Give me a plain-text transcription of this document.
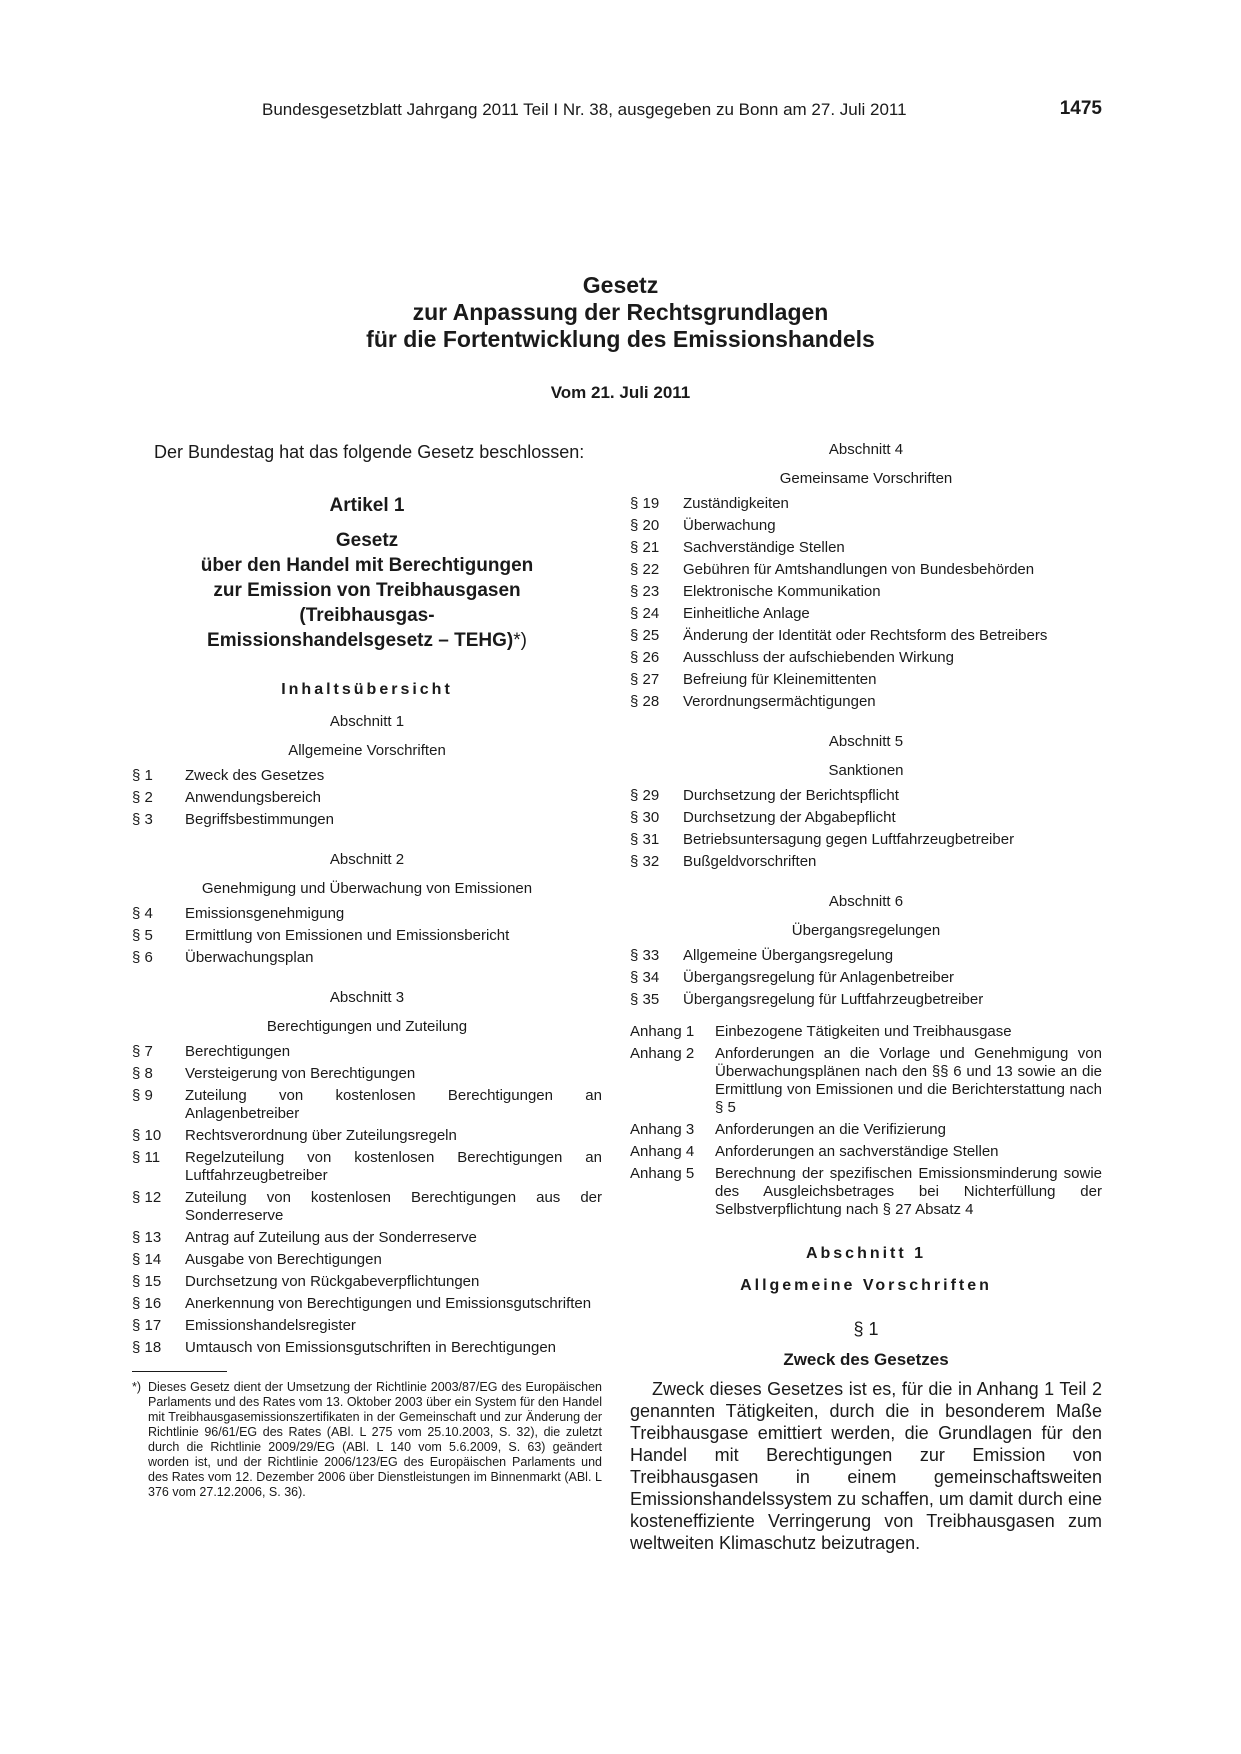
Bundesgesetzblatt Jahrgang 2011 Teil I Nr. 38, ausgegeben zu Bonn am 27. Juli 2011	1475
Gesetz
zur Anpassung der Rechtsgrundlagen
für die Fortentwicklung des Emissionshandels
Vom 21. Juli 2011

Der Bundestag hat das folgende Gesetz beschlossen:

Artikel 1
Gesetz
über den Handel mit Berechtigungen
zur Emission von Treibhausgasen
(Treibhausgas-
Emissionshandelsgesetz – TEHG)*)
Inhaltsübersicht
Abschnitt 1
Allgemeine Vorschriften
§ 1	Zweck des Gesetzes
§ 2	Anwendungsbereich
§ 3	Begriffsbestimmungen
Abschnitt 2
Genehmigung und Überwachung von Emissionen
§ 4	Emissionsgenehmigung
§ 5	Ermittlung von Emissionen und Emissionsbericht
§ 6	Überwachungsplan
Abschnitt 3
Berechtigungen und Zuteilung
§ 7	Berechtigungen
§ 8	Versteigerung von Berechtigungen
§ 9	Zuteilung von kostenlosen Berechtigungen an Anlagenbetreiber
§ 10	Rechtsverordnung über Zuteilungsregeln
§ 11	Regelzuteilung von kostenlosen Berechtigungen an Luftfahrzeugbetreiber
§ 12	Zuteilung von kostenlosen Berechtigungen aus der Sonderreserve
§ 13	Antrag auf Zuteilung aus der Sonderreserve
§ 14	Ausgabe von Berechtigungen
§ 15	Durchsetzung von Rückgabeverpflichtungen
§ 16	Anerkennung von Berechtigungen und Emissionsgutschriften
§ 17	Emissionshandelsregister
§ 18	Umtausch von Emissionsgutschriften in Berechtigungen
*) Dieses Gesetz dient der Umsetzung der Richtlinie 2003/87/EG des Europäischen Parlaments und des Rates vom 13. Oktober 2003 über ein System für den Handel mit Treibhausgasemissionszertifikaten in der Gemeinschaft und zur Änderung der Richtlinie 96/61/EG des Rates (ABl. L 275 vom 25.10.2003, S. 32), die zuletzt durch die Richtlinie 2009/29/EG (ABl. L 140 vom 5.6.2009, S. 63) geändert worden ist, und der Richtlinie 2006/123/EG des Europäischen Parlaments und des Rates vom 12. Dezember 2006 über Dienstleistungen im Binnenmarkt (ABl. L 376 vom 27.12.2006, S. 36).
Abschnitt 4
Gemeinsame Vorschriften
§ 19	Zuständigkeiten
§ 20	Überwachung
§ 21	Sachverständige Stellen
§ 22	Gebühren für Amtshandlungen von Bundesbehörden
§ 23	Elektronische Kommunikation
§ 24	Einheitliche Anlage
§ 25	Änderung der Identität oder Rechtsform des Betreibers
§ 26	Ausschluss der aufschiebenden Wirkung
§ 27	Befreiung für Kleinemittenten
§ 28	Verordnungsermächtigungen
Abschnitt 5
Sanktionen
§ 29	Durchsetzung der Berichtspflicht
§ 30	Durchsetzung der Abgabepflicht
§ 31	Betriebsuntersagung gegen Luftfahrzeugbetreiber
§ 32	Bußgeldvorschriften
Abschnitt 6
Übergangsregelungen
§ 33	Allgemeine Übergangsregelung
§ 34	Übergangsregelung für Anlagenbetreiber
§ 35	Übergangsregelung für Luftfahrzeugbetreiber
Anhang 1	Einbezogene Tätigkeiten und Treibhausgase
Anhang 2	Anforderungen an die Vorlage und Genehmigung von Überwachungsplänen nach den §§ 6 und 13 sowie an die Ermittlung von Emissionen und die Berichterstattung nach § 5
Anhang 3	Anforderungen an die Verifizierung
Anhang 4	Anforderungen an sachverständige Stellen
Anhang 5	Berechnung der spezifischen Emissionsminderung sowie des Ausgleichsbetrages bei Nichterfüllung der Selbstverpflichtung nach § 27 Absatz 4
Abschnitt 1
Allgemeine Vorschriften
§ 1
Zweck des Gesetzes

Zweck dieses Gesetzes ist es, für die in Anhang 1 Teil 2 genannten Tätigkeiten, durch die in besonderem Maße Treibhausgase emittiert werden, die Grundlagen für den Handel mit Berechtigungen zur Emission von Treibhausgasen in einem gemeinschaftsweiten Emissionshandelssystem zu schaffen, um damit durch eine kosteneffiziente Verringerung von Treibhausgasen zum weltweiten Klimaschutz beizutragen.
